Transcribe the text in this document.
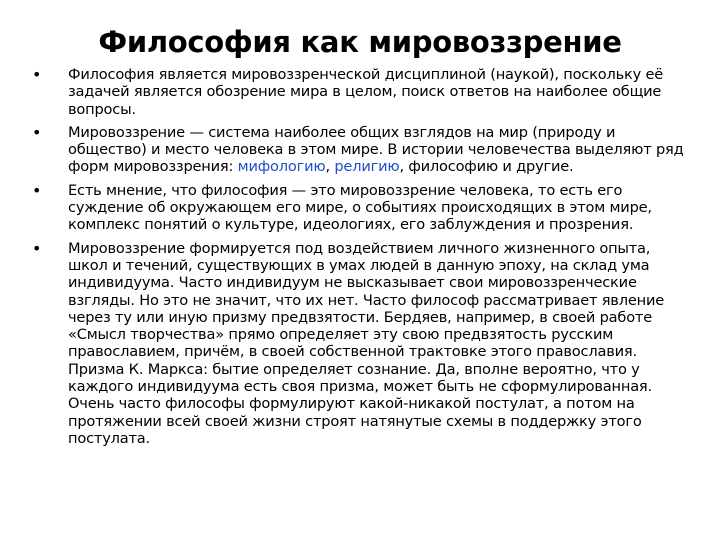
Философия как мировоззрение
•	Философия является мировоззренческой дисциплиной (наукой), поскольку её задачей является обозрение мира в целом, поиск ответов на наиболее общие вопросы.
•	Мировоззрение — система наиболее общих взглядов на мир (природу и общество) и место человека в этом мире. В истории человечества выделяют ряд форм мировоззрения: мифологию, религию, философию и другие.
•	Есть мнение, что философия — это мировоззрение человека, то есть его суждение об окружающем его мире, о событиях происходящих в этом мире, комплекс понятий о культуре, идеологиях, его заблуждения и прозрения.
•	Мировоззрение формируется под воздействием личного жизненного опыта, школ и течений, существующих в умах людей в данную эпоху, на склад ума индивидуума. Часто индивидуум не высказывает свои мировоззренческие взгляды. Но это не значит, что их нет. Часто философ рассматривает явление через ту или иную призму предвзятости. Бердяев, например, в своей работе «Смысл творчества» прямо определяет эту свою предвзятость русским православием, причём, в своей собственной трактовке этого православия. Призма К. Маркса: бытие определяет сознание. Да, вполне вероятно, что у каждого индивидуума есть своя призма, может быть не сформулированная. Очень часто философы формулируют какой-никакой постулат, а потом на протяжении всей своей жизни строят натянутые схемы в поддержку этого постулата.
